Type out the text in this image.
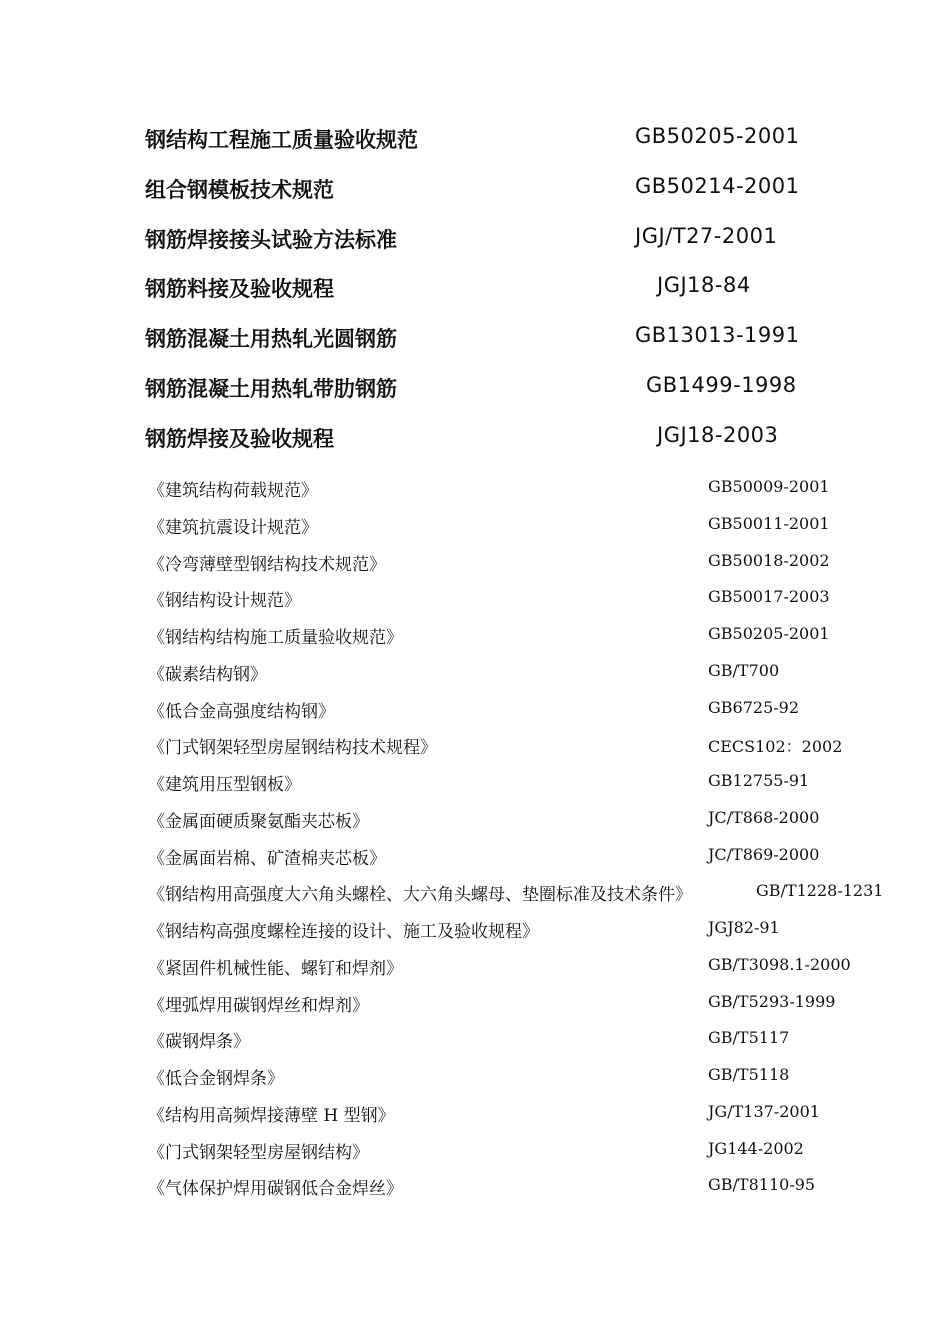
钢结构工程施工质量验收规范	GB50205-2001
组合钢模板技术规范	GB50214-2001
钢筋焊接接头试验方法标准	JGJ/T27-2001
钢筋料接及验收规程	JGJ18-84
钢筋混凝土用热轧光圆钢筋	GB13013-1991
钢筋混凝土用热轧带肋钢筋	GB1499-1998
钢筋焊接及验收规程	JGJ18-2003
《建筑结构荷载规范》	GB50009-2001
《建筑抗震设计规范》	GB50011-2001
《冷弯薄壁型钢结构技术规范》	GB50018-2002
《钢结构设计规范》	GB50017-2003
《钢结构结构施工质量验收规范》	GB50205-2001
《碳素结构钢》	GB/T700
《低合金高强度结构钢》	GB6725-92
《门式钢架轻型房屋钢结构技术规程》	CECS102：2002
《建筑用压型钢板》	GB12755-91
《金属面硬质聚氨酯夹芯板》	JC/T868-2000
《金属面岩棉、矿渣棉夹芯板》	JC/T869-2000
《钢结构用高强度大六角头螺栓、大六角头螺母、垫圈标准及技术条件》	GB/T1228-1231
《钢结构高强度螺栓连接的设计、施工及验收规程》	JGJ82-91
《紧固件机械性能、螺钉和焊剂》	GB/T3098.1-2000
《埋弧焊用碳钢焊丝和焊剂》	GB/T5293-1999
《碳钢焊条》	GB/T5117
《低合金钢焊条》	GB/T5118
《结构用高频焊接薄壁 H 型钢》	JG/T137-2001
《门式钢架轻型房屋钢结构》	JG144-2002
《气体保护焊用碳钢低合金焊丝》	GB/T8110-95
